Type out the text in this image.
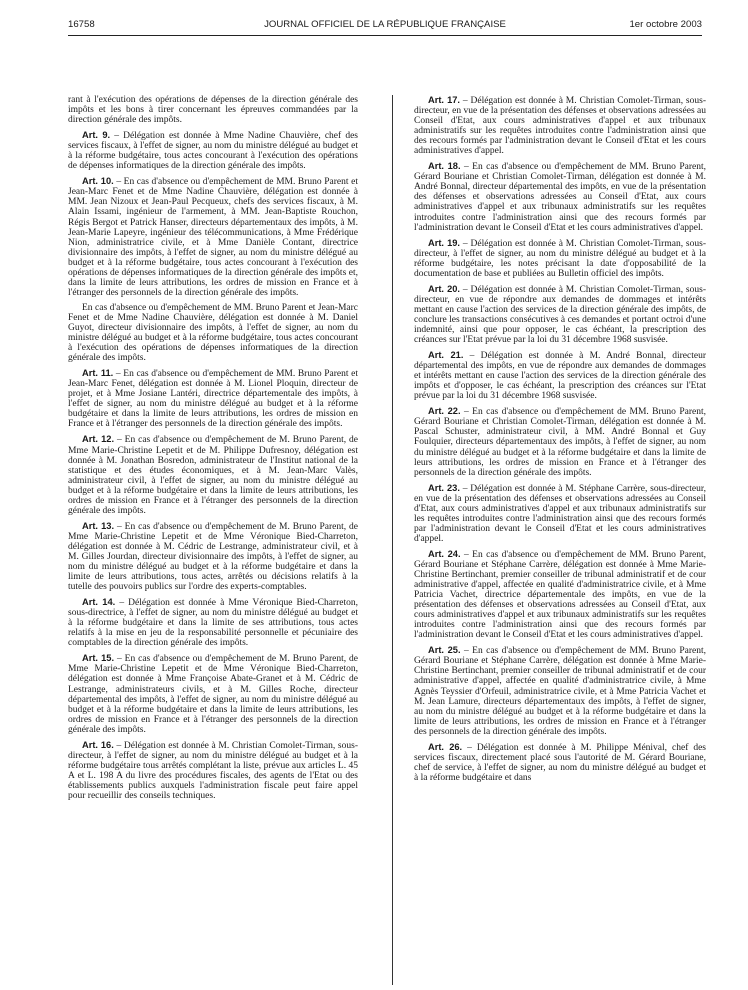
16758	JOURNAL OFFICIEL DE LA RÉPUBLIQUE FRANÇAISE	1er octobre 2003

rant à l'exécution des opérations de dépenses de la direction générale des impôts et les bons à tirer concernant les épreuves commandées par la direction générale des impôts.

Art. 9. – Délégation est donnée à Mme Nadine Chauvière, chef des services fiscaux, à l'effet de signer, au nom du ministre délégué au budget et à la réforme budgétaire, tous actes concourant à l'exécution des opérations de dépenses informatiques de la direction générale des impôts.

Art. 10. – En cas d'absence ou d'empêchement de MM. Bruno Parent et Jean-Marc Fenet et de Mme Nadine Chauvière, délégation est donnée à MM. Jean Nizoux et Jean-Paul Pecqueux, chefs des services fiscaux, à M. Alain Issami, ingénieur de l'armement, à MM. Jean-Baptiste Rouchon, Régis Bergot et Patrick Hanser, directeurs départementaux des impôts, à M. Jean-Marie Lapeyre, ingénieur des télécommunications, à Mme Frédérique Nion, administratrice civile, et à Mme Danièle Contant, directrice divisionnaire des impôts, à l'effet de signer, au nom du ministre délégué au budget et à la réforme budgétaire, tous actes concourant à l'exécution des opérations de dépenses informatiques de la direction générale des impôts et, dans la limite de leurs attributions, les ordres de mission en France et à l'étranger des personnels de la direction générale des impôts.

En cas d'absence ou d'empêchement de MM. Bruno Parent et Jean-Marc Fenet et de Mme Nadine Chauvière, délégation est donnée à M. Daniel Guyot, directeur divisionnaire des impôts, à l'effet de signer, au nom du ministre délégué au budget et à la réforme budgétaire, tous actes concourant à l'exécution des opérations de dépenses informatiques de la direction générale des impôts.

Art. 11. – En cas d'absence ou d'empêchement de MM. Bruno Parent et Jean-Marc Fenet, délégation est donnée à M. Lionel Ploquin, directeur de projet, et à Mme Josiane Lantéri, directrice départementale des impôts, à l'effet de signer, au nom du ministre délégué au budget et à la réforme budgétaire et dans la limite de leurs attributions, les ordres de mission en France et à l'étranger des personnels de la direction générale des impôts.

Art. 12. – En cas d'absence ou d'empêchement de M. Bruno Parent, de Mme Marie-Christine Lepetit et de M. Philippe Dufresnoy, délégation est donnée à M. Jonathan Bosredon, administrateur de l'Institut national de la statistique et des études économiques, et à M. Jean-Marc Valès, administrateur civil, à l'effet de signer, au nom du ministre délégué au budget et à la réforme budgétaire et dans la limite de leurs attributions, les ordres de mission en France et à l'étranger des personnels de la direction générale des impôts.

Art. 13. – En cas d'absence ou d'empêchement de M. Bruno Parent, de Mme Marie-Christine Lepetit et de Mme Véronique Bied-Charreton, délégation est donnée à M. Cédric de Lestrange, administrateur civil, et à M. Gilles Jourdan, directeur divisionnaire des impôts, à l'effet de signer, au nom du ministre délégué au budget et à la réforme budgétaire et dans la limite de leurs attributions, tous actes, arrêtés ou décisions relatifs à la tutelle des pouvoirs publics sur l'ordre des experts-comptables.

Art. 14. – Délégation est donnée à Mme Véronique Bied-Charreton, sous-directrice, à l'effet de signer, au nom du ministre délégué au budget et à la réforme budgétaire et dans la limite de ses attributions, tous actes relatifs à la mise en jeu de la responsabilité personnelle et pécuniaire des comptables de la direction générale des impôts.

Art. 15. – En cas d'absence ou d'empêchement de M. Bruno Parent, de Mme Marie-Christine Lepetit et de Mme Véronique Bied-Charreton, délégation est donnée à Mme Françoise Abate-Granet et à M. Cédric de Lestrange, administrateurs civils, et à M. Gilles Roche, directeur départemental des impôts, à l'effet de signer, au nom du ministre délégué au budget et à la réforme budgétaire et dans la limite de leurs attributions, les ordres de mission en France et à l'étranger des personnels de la direction générale des impôts.

Art. 16. – Délégation est donnée à M. Christian Comolet-Tirman, sous-directeur, à l'effet de signer, au nom du ministre délégué au budget et à la réforme budgétaire tous arrêtés complétant la liste, prévue aux articles L. 45 A et L. 198 A du livre des procédures fiscales, des agents de l'Etat ou des établissements publics auxquels l'administration fiscale peut faire appel pour recueillir des conseils techniques.

Art. 17. – Délégation est donnée à M. Christian Comolet-Tirman, sous-directeur, en vue de la présentation des défenses et observations adressées au Conseil d'Etat, aux cours administratives d'appel et aux tribunaux administratifs sur les requêtes introduites contre l'administration ainsi que des recours formés par l'administration devant le Conseil d'Etat et les cours administratives d'appel.

Art. 18. – En cas d'absence ou d'empêchement de MM. Bruno Parent, Gérard Bouriane et Christian Comolet-Tirman, délégation est donnée à M. André Bonnal, directeur départemental des impôts, en vue de la présentation des défenses et observations adressées au Conseil d'Etat, aux cours administratives d'appel et aux tribunaux administratifs sur les requêtes introduites contre l'administration ainsi que des recours formés par l'administration devant le Conseil d'Etat et les cours administratives d'appel.

Art. 19. – Délégation est donnée à M. Christian Comolet-Tirman, sous-directeur, à l'effet de signer, au nom du ministre délégué au budget et à la réforme budgétaire, les notes précisant la date d'opposabilité de la documentation de base et publiées au Bulletin officiel des impôts.

Art. 20. – Délégation est donnée à M. Christian Comolet-Tirman, sous-directeur, en vue de répondre aux demandes de dommages et intérêts mettant en cause l'action des services de la direction générale des impôts, de conclure les transactions consécutives à ces demandes et portant octroi d'une indemnité, ainsi que pour opposer, le cas échéant, la prescription des créances sur l'Etat prévue par la loi du 31 décembre 1968 susvisée.

Art. 21. – Délégation est donnée à M. André Bonnal, directeur départemental des impôts, en vue de répondre aux demandes de dommages et intérêts mettant en cause l'action des services de la direction générale des impôts et d'opposer, le cas échéant, la prescription des créances sur l'Etat prévue par la loi du 31 décembre 1968 susvisée.

Art. 22. – En cas d'absence ou d'empêchement de MM. Bruno Parent, Gérard Bouriane et Christian Comolet-Tirman, délégation est donnée à M. Pascal Schuster, administrateur civil, à MM. André Bonnal et Guy Foulquier, directeurs départementaux des impôts, à l'effet de signer, au nom du ministre délégué au budget et à la réforme budgétaire et dans la limite de leurs attributions, les ordres de mission en France et à l'étranger des personnels de la direction générale des impôts.

Art. 23. – Délégation est donnée à M. Stéphane Carrère, sous-directeur, en vue de la présentation des défenses et observations adressées au Conseil d'Etat, aux cours administratives d'appel et aux tribunaux administratifs sur les requêtes introduites contre l'administration ainsi que des recours formés par l'administration devant le Conseil d'Etat et les cours administratives d'appel.

Art. 24. – En cas d'absence ou d'empêchement de MM. Bruno Parent, Gérard Bouriane et Stéphane Carrère, délégation est donnée à Mme Marie-Christine Bertinchant, premier conseiller de tribunal administratif et de cour administrative d'appel, affectée en qualité d'administratrice civile, et à Mme Patricia Vachet, directrice départementale des impôts, en vue de la présentation des défenses et observations adressées au Conseil d'Etat, aux cours administratives d'appel et aux tribunaux administratifs sur les requêtes introduites contre l'administration ainsi que des recours formés par l'administration devant le Conseil d'Etat et les cours administratives d'appel.

Art. 25. – En cas d'absence ou d'empêchement de MM. Bruno Parent, Gérard Bouriane et Stéphane Carrère, délégation est donnée à Mme Marie-Christine Bertinchant, premier conseiller de tribunal administratif et de cour administrative d'appel, affectée en qualité d'administratrice civile, à Mme Agnès Teyssier d'Orfeuil, administratrice civile, et à Mme Patricia Vachet et M. Jean Lamure, directeurs départementaux des impôts, à l'effet de signer, au nom du ministre délégué au budget et à la réforme budgétaire et dans la limite de leurs attributions, les ordres de mission en France et à l'étranger des personnels de la direction générale des impôts.

Art. 26. – Délégation est donnée à M. Philippe Ménival, chef des services fiscaux, directement placé sous l'autorité de M. Gérard Bouriane, chef de service, à l'effet de signer, au nom du ministre délégué au budget et à la réforme budgétaire et dans
